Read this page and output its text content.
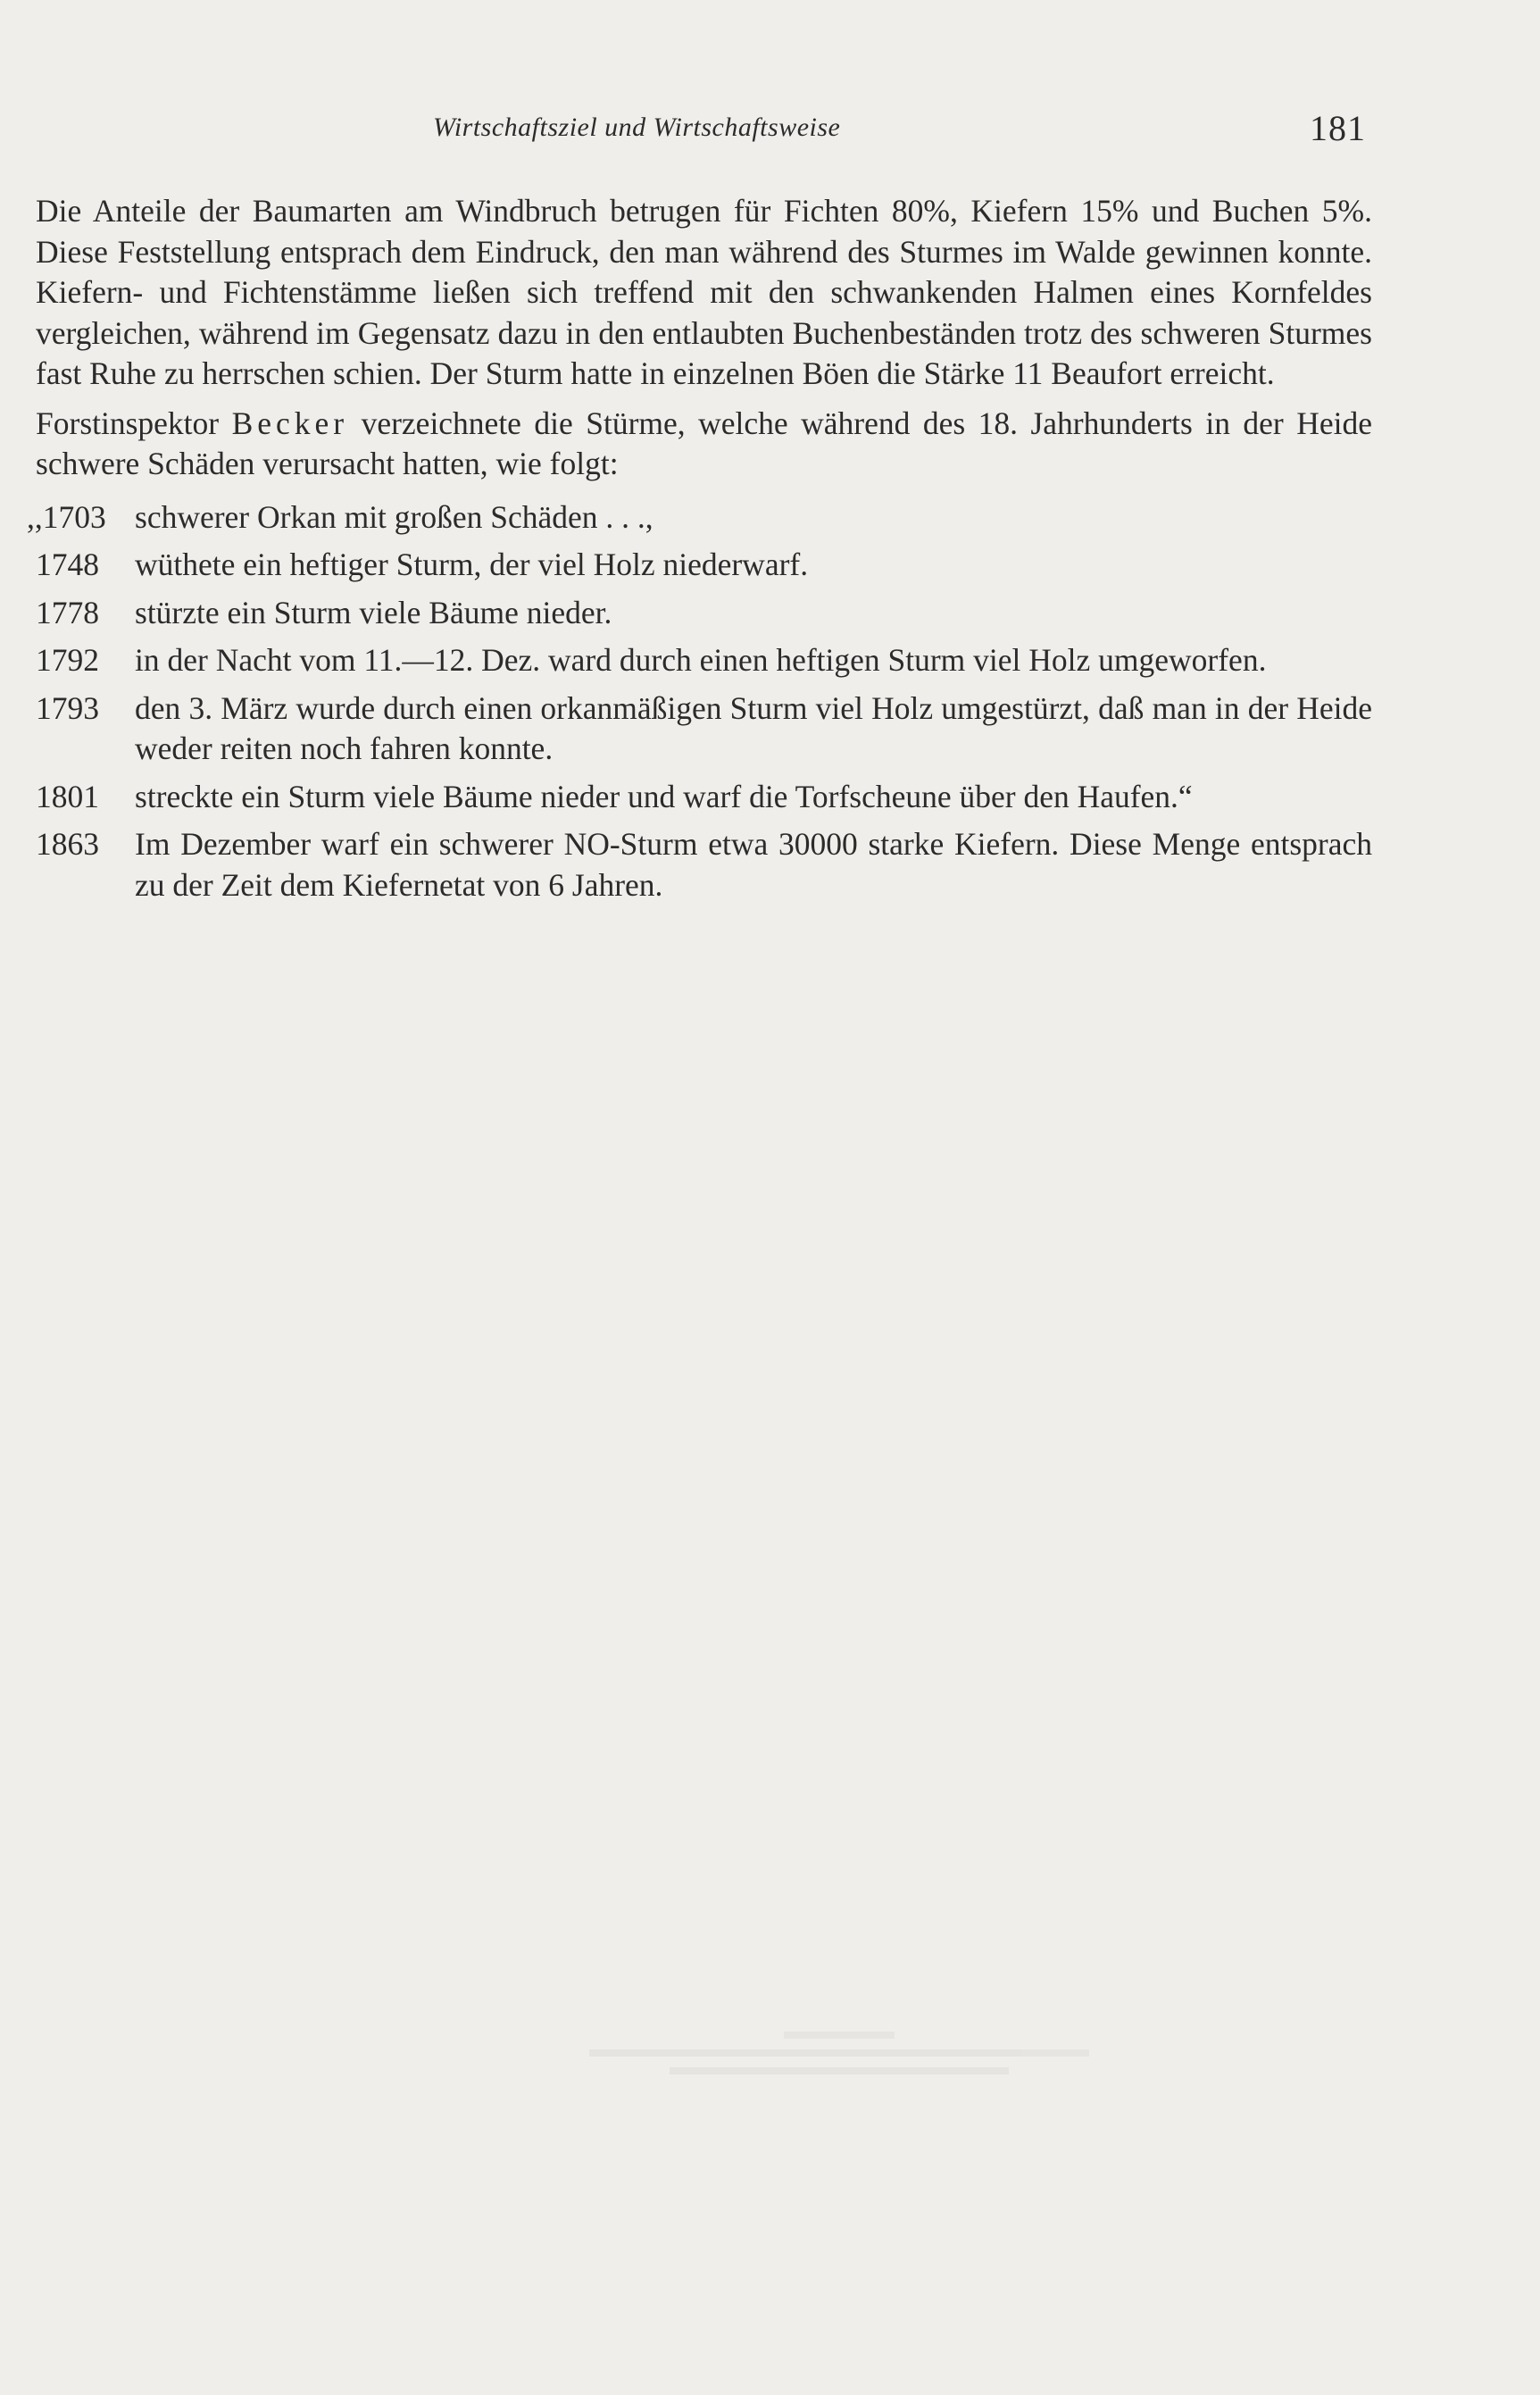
Wirtschaftsziel und Wirtschaftsweise	181

Die Anteile der Baumarten am Windbruch betrugen für Fichten 80%, Kiefern 15% und Buchen 5%. Diese Feststellung entsprach dem Eindruck, den man während des Sturmes im Walde gewinnen konnte. Kiefern- und Fichtenstämme ließen sich treffend mit den schwankenden Halmen eines Kornfeldes vergleichen, während im Gegensatz dazu in den entlaubten Buchenbeständen trotz des schweren Sturmes fast Ruhe zu herrschen schien. Der Sturm hatte in einzelnen Böen die Stärke 11 Beaufort erreicht.

Forstinspektor Becker verzeichnete die Stürme, welche während des 18. Jahrhunderts in der Heide schwere Schäden verursacht hatten, wie folgt:

,,1703 schwerer Orkan mit großen Schäden . . .,
1748	wüthete ein heftiger Sturm, der viel Holz niederwarf.
1778	stürzte ein Sturm viele Bäume nieder.
1792	in der Nacht vom 11.—12. Dez. ward durch einen heftigen Sturm viel Holz umgeworfen.
1793	den 3. März wurde durch einen orkanmäßigen Sturm viel Holz umgestürzt, daß man in der Heide weder reiten noch fahren konnte.
1801	streckte ein Sturm viele Bäume nieder und warf die Torfscheune über den Haufen.“
1863	Im Dezember warf ein schwerer NO-Sturm etwa 30000 starke Kiefern. Diese Menge entsprach zu der Zeit dem Kiefernetat von 6 Jahren.
